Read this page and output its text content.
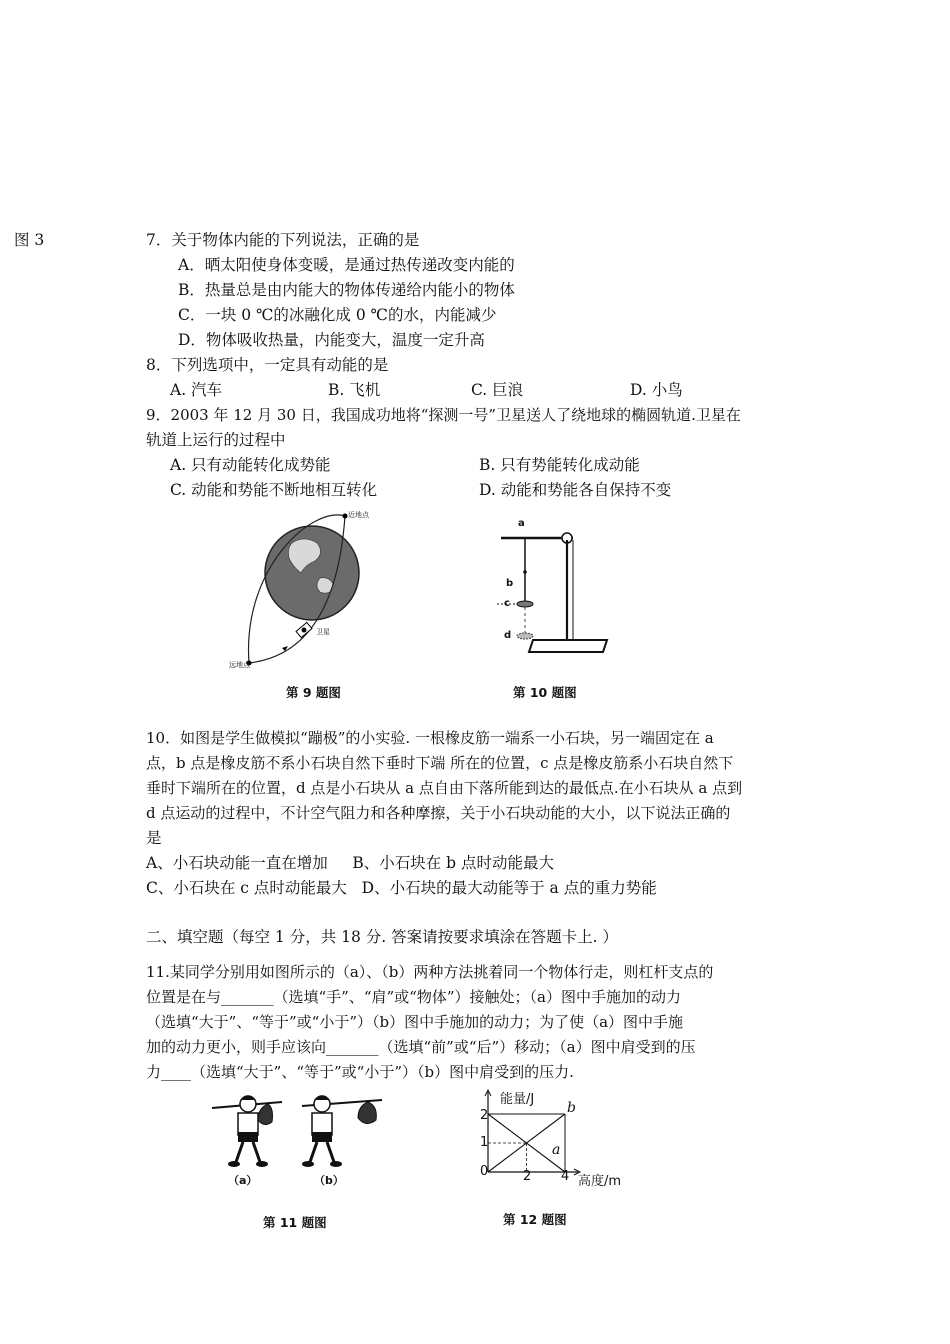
图 3	7．关于物体内能的下列说法，正确的是
A．晒太阳使身体变暖，是通过热传递改变内能的
B．热量总是由内能大的物体传递给内能小的物体
C．一块 0 ℃的冰融化成 0 ℃的水，内能减少
D．物体吸收热量，内能变大，温度一定升高
8．下列选项中，一定具有动能的是
A. 汽车	B. 飞机	C. 巨浪	D. 小鸟
9．2003 年 12 月 30 日，我国成功地将“探测一号”卫星送人了绕地球的椭圆轨道.卫星在
轨道上运行的过程中
A. 只有动能转化成势能	B. 只有势能转化成动能
C. 动能和势能不断地相互转化	D. 动能和势能各自保持不变
近地点
远地点
卫星
第 9 题图
a
b
c
d
第 10 题图
10．如图是学生做模拟“蹦极”的小实验. 一根橡皮筋一端系一小石块，另一端固定在 a
点，b 点是橡皮筋不系小石块自然下垂时下端 所在的位置，c 点是橡皮筋系小石块自然下
垂时下端所在的位置，d 点是小石块从 a 点自由下落所能到达的最低点.在小石块从 a 点到
d 点运动的过程中，不计空气阻力和各种摩擦，关于小石块动能的大小，以下说法正确的
是
A、小石块动能一直在增加     B、小石块在 b 点时动能最大
C、小石块在 c 点时动能最大   D、小石块的最大动能等于 a 点的重力势能
二、填空题（每空 1 分，共 18 分. 答案请按要求填涂在答题卡上. ）
11.某同学分别用如图所示的（a）、（b）两种方法挑着同一个物体行走，则杠杆支点的
位置是在与_______（选填“手”、“肩”或“物体”）接触处；（a）图中手施加的动力
（选填“大于”、“等于”或“小于”）（b）图中手施加的动力；为了使（a）图中手施
加的动力更小，则手应该向_______（选填“前”或“后”）移动；（a）图中肩受到的压
力____（选填“大于”、“等于”或“小于”）（b）图中肩受到的压力.
（a）	（b）
第 11 题图
能量/J
高度/m
2
1
0	2 4
b
a
第 12 题图
